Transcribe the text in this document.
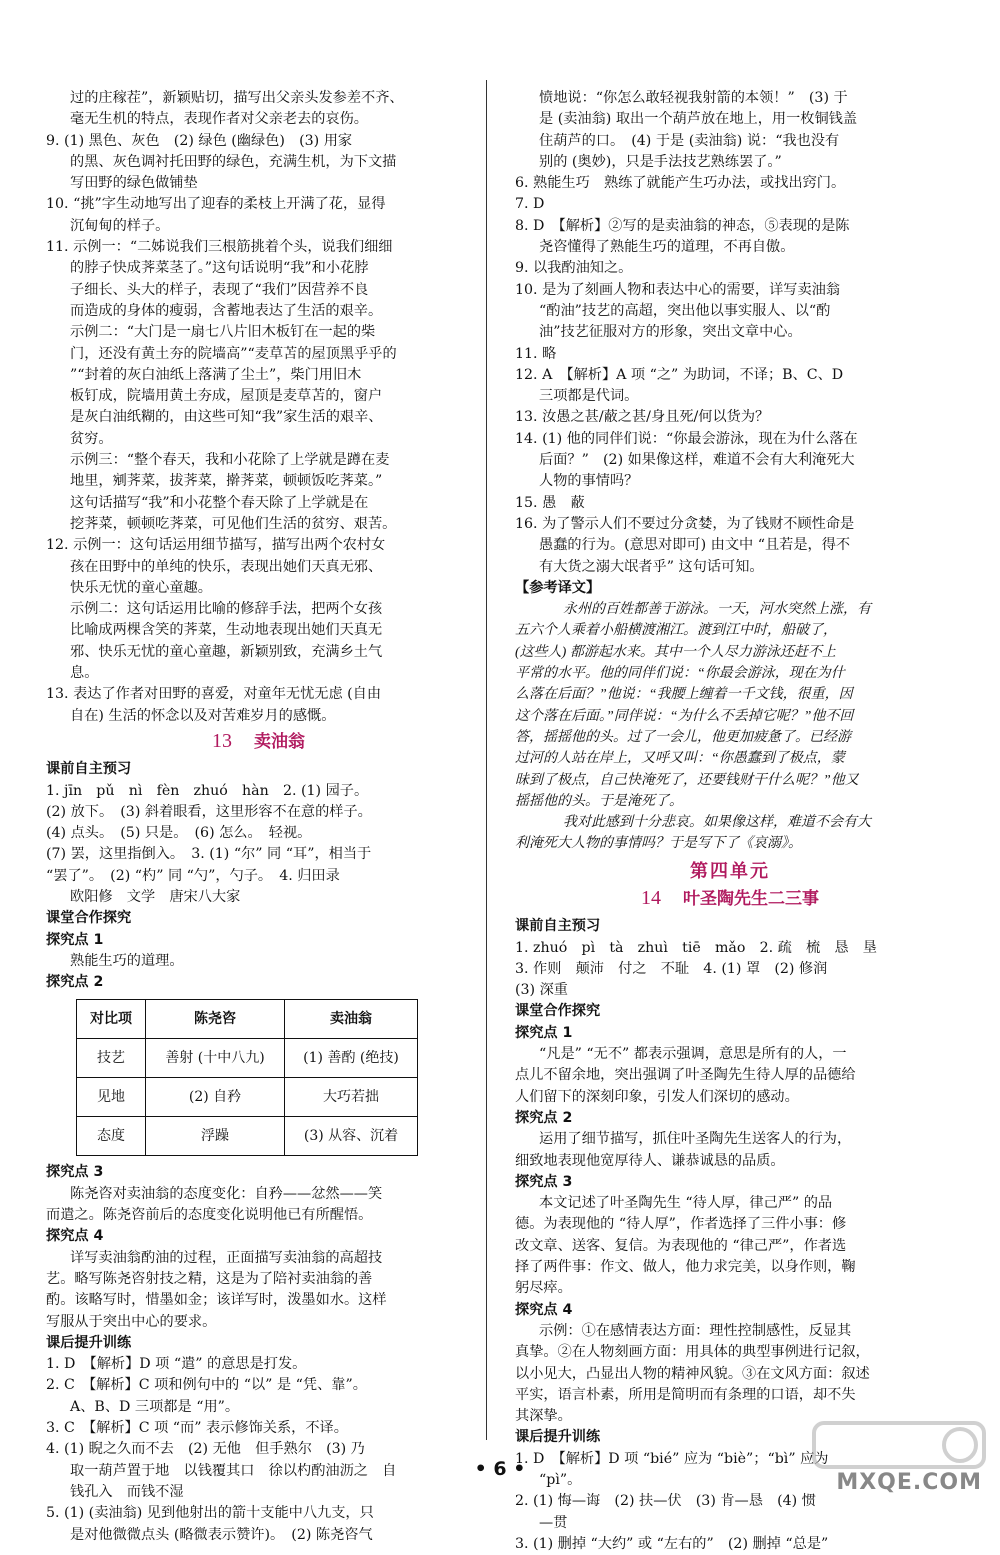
过的庄稼茬”，新颖贴切，描写出父亲头发参差不齐、
毫无生机的特点，表现作者对父亲老去的哀伤。
9. (1) 黑色、灰色　(2) 绿色 (幽绿色)　(3) 用家
的黑、灰色调衬托田野的绿色，充满生机，为下文描
写田野的绿色做铺垫
10. “挑”字生动地写出了迎春的柔枝上开满了花，显得
沉甸甸的样子。
11. 示例一：“二姊说我们三根筋挑着个头，说我们细细
的脖子快成荠菜茎了。”这句话说明“我”和小花脖
子细长、头大的样子，表现了“我们”因营养不良
而造成的身体的瘦弱，含蓄地表达了生活的艰辛。
示例二：“大门是一扇七八片旧木板钉在一起的柴
门，还没有黄土夯的院墙高”“麦草苫的屋顶黑乎乎的
”“封着的灰白油纸上落满了尘土”，柴门用旧木
板钉成，院墙用黄土夯成，屋顶是麦草苫的，窗户
是灰白油纸糊的，由这些可知“我”家生活的艰辛、
贫穷。
示例三：“整个春天，我和小花除了上学就是蹲在麦
地里，剜荠菜，拔荠菜，擀荠菜，顿顿饭吃荠菜。”
这句话描写“我”和小花整个春天除了上学就是在
挖荠菜，顿顿吃荠菜，可见他们生活的贫穷、艰苦。
12. 示例一：这句话运用细节描写，描写出两个农村女
孩在田野中的单纯的快乐，表现出她们天真无邪、
快乐无忧的童心童趣。
示例二：这句话运用比喻的修辞手法，把两个女孩
比喻成两棵含笑的荠菜，生动地表现出她们天真无
邪、快乐无忧的童心童趣，新颖别致，充满乡土气
息。
13. 表达了作者对田野的喜爱，对童年无忧无虑 (自由
自在) 生活的怀念以及对苦难岁月的感慨。
13 卖油翁
课前自主预习
1. jīn　pǔ　nì　fèn　zhuó　hàn　2. (1) 园子。
(2) 放下。　(3) 斜着眼看，这里形容不在意的样子。
(4) 点头。　(5) 只是。　(6) 怎么。　轻视。
(7) 罢，这里指倒入。　3. (1) “尔” 同 “耳”，相当于
“罢了”。　(2) “杓” 同 “勺”，勺子。　4. 归田录
欧阳修　文学　唐宋八大家
课堂合作探究
探究点 1
熟能生巧的道理。
探究点 2
对比项	陈尧咨	卖油翁
技艺	善射 (十中八九)	(1) 善酌 (绝技)
见地	(2) 自矜	大巧若拙
态度	浮躁	(3) 从容、沉着
探究点 3
陈尧咨对卖油翁的态度变化：自矜——忿然——笑
而遣之。陈尧咨前后的态度变化说明他已有所醒悟。
探究点 4
详写卖油翁酌油的过程，正面描写卖油翁的高超技
艺。略写陈尧咨射技之精，这是为了陪衬卖油翁的善
酌。该略写时，惜墨如金；该详写时，泼墨如水。这样
写服从于突出中心的要求。
课后提升训练
1. D　【解析】D 项 “遣” 的意思是打发。
2. C　【解析】C 项和例句中的 “以” 是 “凭、靠”。
A、B、D 三项都是 “用”。
3. C　【解析】C 项 “而” 表示修饰关系，不译。
4. (1) 睨之久而不去　(2) 无他　但手熟尔　(3) 乃
取一葫芦置于地　以钱覆其口　徐以杓酌油沥之　自
钱孔入　而钱不湿
5. (1) (卖油翁) 见到他射出的箭十支能中八九支，只
是对他微微点头 (略微表示赞许)。　(2) 陈尧咨气
愤地说：“你怎么敢轻视我射箭的本领！”　(3) 于
是 (卖油翁) 取出一个葫芦放在地上，用一枚铜钱盖
住葫芦的口。　(4) 于是 (卖油翁) 说：“我也没有
别的 (奥妙)，只是手法技艺熟练罢了。”
6. 熟能生巧　熟练了就能产生巧办法，或找出窍门。
7. D
8. D　【解析】②写的是卖油翁的神态，⑤表现的是陈
尧咨懂得了熟能生巧的道理，不再自傲。
9. 以我酌油知之。
10. 是为了刻画人物和表达中心的需要，详写卖油翁
“酌油”技艺的高超，突出他以事实服人、以“酌
油”技艺征服对方的形象，突出文章中心。
11. 略
12. A　【解析】A 项 “之” 为助词，不译；B、C、D
三项都是代词。
13. 汝愚之甚/蔽之甚/身且死/何以货为？
14. (1) 他的同伴们说：“你最会游泳，现在为什么落在
后面？”　(2) 如果像这样，难道不会有大利淹死大
人物的事情吗？
15. 愚　蔽
16. 为了警示人们不要过分贪婪，为了钱财不顾性命是
愚蠢的行为。(意思对即可) 由文中 “且若是，得不
有大货之溺大氓者乎” 这句话可知。
【参考译文】
永州的百姓都善于游泳。一天，河水突然上涨，有
五六个人乘着小船横渡湘江。渡到江中时，船破了，
(这些人) 都游起水来。其中一个人尽力游泳还赶不上
平常的水平。他的同伴们说：“你最会游泳，现在为什
么落在后面？”他说：“我腰上缠着一千文钱，很重，因
这个落在后面。”同伴说：“为什么不丢掉它呢？”他不回
答，摇摇他的头。过了一会儿，他更加疲惫了。已经游
过河的人站在岸上，又呼又叫：“你愚蠢到了极点，蒙
昧到了极点，自己快淹死了，还要钱财干什么呢？”他又
摇摇他的头。于是淹死了。
我对此感到十分悲哀。如果像这样，难道不会有大
利淹死大人物的事情吗？于是写下了《哀溺》。
第四单元
14 叶圣陶先生二三事
课前自主预习
1. zhuó　pì　tà　zhuì　tiē　mǎo　2. 疏　梳　恳　垦
3. 作则　颠沛　付之　不耻　4. (1) 罩　(2) 修润
(3) 深重
课堂合作探究
探究点 1
“凡是” “无不” 都表示强调，意思是所有的人，一
点儿不留余地，突出强调了叶圣陶先生待人厚的品德给
人们留下的深刻印象，引发人们深切的感动。
探究点 2
运用了细节描写，抓住叶圣陶先生送客人的行为，
细致地表现他宽厚待人、谦恭诚恳的品质。
探究点 3
本文记述了叶圣陶先生 “待人厚，律己严” 的品
德。为表现他的 “待人厚”，作者选择了三件小事：修
改文章、送客、复信。为表现他的 “律己严”，作者选
择了两件事：作文、做人，他力求完美，以身作则，鞠
躬尽瘁。
探究点 4
示例：①在感情表达方面：理性控制感性，反显其
真挚。②在人物刻画方面：用具体的典型事例进行记叙，
以小见大，凸显出人物的精神风貌。③在文风方面：叙述
平实，语言朴素，所用是简明而有条理的口语，却不失
其深挚。
课后提升训练
1. D　【解析】D 项 “bié” 应为 “biè”；“bì” 应为
“pì”。
2. (1) 悔—诲　(2) 扶—伏　(3) 肯—恳　(4) 惯
—贯
3. (1) 删掉 “大约” 或 “左右的”　(2) 删掉 “总是”
• 6 •
MXQE.COM
